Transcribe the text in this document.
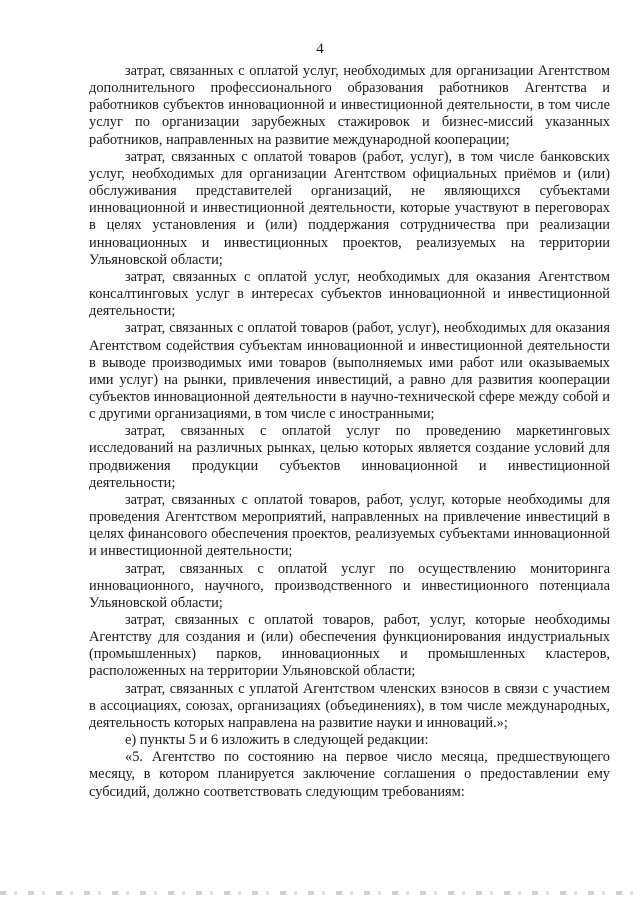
4

затрат, связанных с оплатой услуг, необходимых для организации Агентством дополнительного профессионального образования работников Агентства и работников субъектов инновационной и инвестиционной деятельности, в том числе услуг по организации зарубежных стажировок и бизнес-миссий указанных работников, направленных на развитие международной кооперации;

затрат, связанных с оплатой товаров (работ, услуг), в том числе банковских услуг, необходимых для организации Агентством официальных приёмов и (или) обслуживания представителей организаций, не являющихся субъектами инновационной и инвестиционной деятельности, которые участвуют в переговорах в целях установления и (или) поддержания сотрудничества при реализации инновационных и инвестиционных проектов, реализуемых на территории Ульяновской области;

затрат, связанных с оплатой услуг, необходимых для оказания Агентством консалтинговых услуг в интересах субъектов инновационной и инвестиционной деятельности;

затрат, связанных с оплатой товаров (работ, услуг), необходимых для оказания Агентством содействия субъектам инновационной и инвестиционной деятельности в выводе производимых ими товаров (выполняемых ими работ или оказываемых ими услуг) на рынки, привлечения инвестиций, а равно для развития кооперации субъектов инновационной деятельности в научно-технической сфере между собой и с другими организациями, в том числе с иностранными;

затрат, связанных с оплатой услуг по проведению маркетинговых исследований на различных рынках, целью которых является создание условий для продвижения продукции субъектов инновационной и инвестиционной деятельности;

затрат, связанных с оплатой товаров, работ, услуг, которые необходимы для проведения Агентством мероприятий, направленных на привлечение инвестиций в целях финансового обеспечения проектов, реализуемых субъектами инновационной и инвестиционной деятельности;

затрат, связанных с оплатой услуг по осуществлению мониторинга инновационного, научного, производственного и инвестиционного потенциала Ульяновской области;

затрат, связанных с оплатой товаров, работ, услуг, которые необходимы Агентству для создания и (или) обеспечения функционирования индустриальных (промышленных) парков, инновационных и промышленных кластеров, расположенных на территории Ульяновской области;

затрат, связанных с уплатой Агентством членских взносов в связи с участием в ассоциациях, союзах, организациях (объединениях), в том числе международных, деятельность которых направлена на развитие науки и инноваций.»;

е) пункты 5 и 6 изложить в следующей редакции:

«5. Агентство по состоянию на первое число месяца, предшествующего месяцу, в котором планируется заключение соглашения о предоставлении ему субсидий, должно соответствовать следующим требованиям:
